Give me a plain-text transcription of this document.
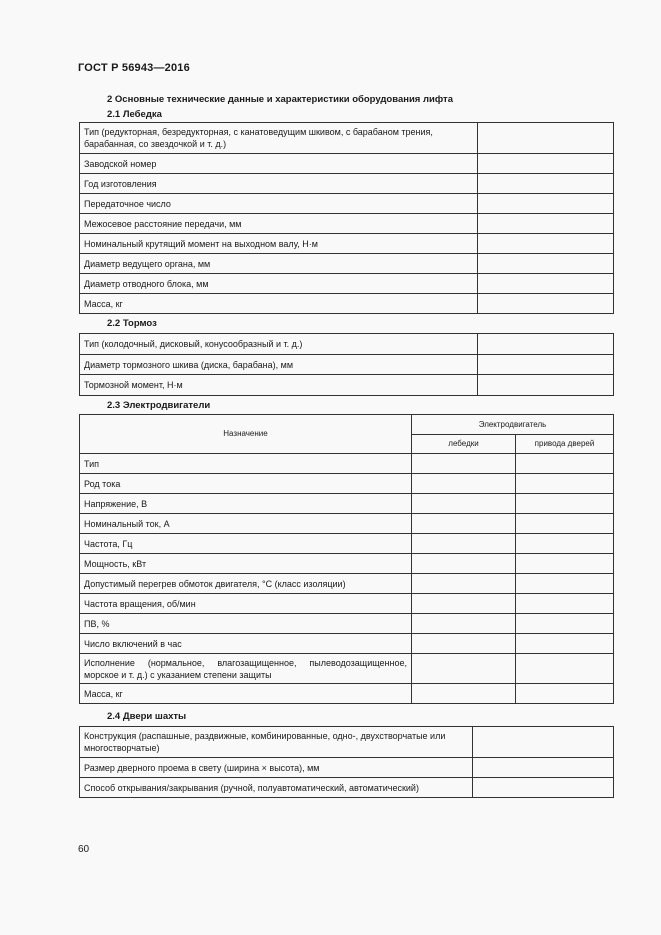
ГОСТ Р 56943—2016
2 Основные технические данные и характеристики оборудования лифта
2.1 Лебедка
Тип (редукторная, безредукторная, с канатоведущим шкивом, с барабаном трения, барабанная, со звездочкой и т. д.)	
Заводской номер	
Год изготовления	
Передаточное число	
Межосевое расстояние передачи, мм	
Номинальный крутящий момент на выходном валу, Н·м	
Диаметр ведущего органа, мм	
Диаметр отводного блока, мм	
Масса, кг	
2.2 Тормоз
Тип (колодочный, дисковый, конусообразный и т. д.)	
Диаметр тормозного шкива (диска, барабана), мм	
Тормозной момент, Н·м	
2.3 Электродвигатели
Назначение	Электродвигатель	
	лебедки	привода дверей
Тип		
Род тока		
Напряжение, В		
Номинальный ток, А		
Частота, Гц		
Мощность, кВт		
Допустимый перегрев обмоток двигателя, °С (класс изоляции)		
Частота вращения, об/мин		
ПВ, %		
Число включений в час		
Исполнение (нормальное, влагозащищенное, пылеводозащищенное, морское и т. д.) с указанием степени защиты		
Масса, кг		
2.4 Двери шахты
Конструкция (распашные, раздвижные, комбинированные, одно-, двухстворчатые или многостворчатые)	
Размер дверного проема в свету (ширина × высота), мм	
Способ открывания/закрывания (ручной, полуавтоматический, автоматический)	
60
